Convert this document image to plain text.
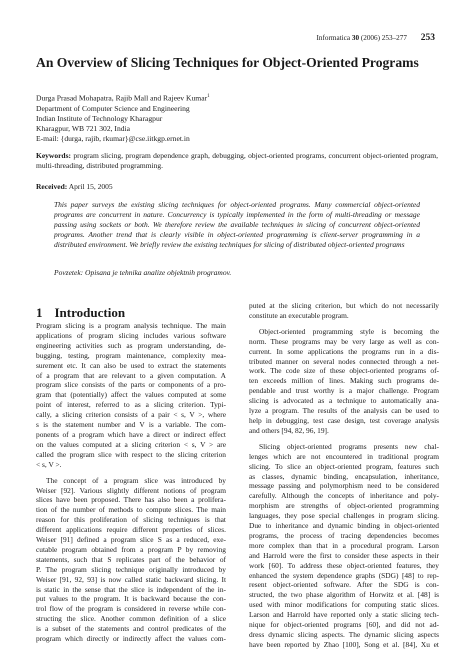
Informatica 30 (2006) 253–277 253
An Overview of Slicing Techniques for Object-Oriented Programs
Durga Prasad Mohapatra, Rajib Mall and Rajeev Kumar$^1$
Department of Computer Science and Engineering
Indian Institute of Technology Kharagpur
Kharagpur, WB 721 302, India
E-mail: {durga, rajib, rkumar}@cse.iitkgp.ernet.in
Keywords: program slicing, program dependence graph, debugging, object-oriented programs, concurrent object-oriented program, multi-threading, distributed programming.
Received: April 15, 2005
This paper surveys the existing slicing techniques for object-oriented programs. Many commercial object-oriented programs are concurrent in nature. Concurrency is typically implemented in the form of multi-threading or message passing using sockets or both. We therefore review the available techniques in slicing of concurrent object-oriented programs. Another trend that is clearly visible in object-oriented programming is client-server programming in a distributed environment. We briefly review the existing techniques for slicing of distributed object-oriented programs
Povzetek: Opisana je tehnika analize objektnih programov.
1 Introduction
Program slicing is a program analysis technique. The main
applications of program slicing includes various software
engineering activities such as program understanding, de-
bugging, testing, program maintenance, complexity mea-
surement etc. It can also be used to extract the statements
of a program that are relevant to a given computation. A
program slice consists of the parts or components of a pro-
gram that (potentially) affect the values computed at some
point of interest, referred to as a slicing criterion. Typi-
cally, a slicing criterion consists of a pair < s, V >, where
s is the statement number and V is a variable. The com-
ponents of a program which have a direct or indirect effect
on the values computed at a slicing criterion < s, V > are
called the program slice with respect to the slicing criterion
< s, V >.
The concept of a program slice was introduced by
Weiser [92]. Various slightly different notions of program
slices have been proposed. There has also been a prolifera-
tion of the number of methods to compute slices. The main
reason for this proliferation of slicing techniques is that
different applications require different properties of slices.
Weiser [91] defined a program slice S as a reduced, exe-
cutable program obtained from a program P by removing
statements, such that S replicates part of the behavior of
P. The program slicing technique originally introduced by
Weiser [91, 92, 93] is now called static backward slicing. It
is static in the sense that the slice is independent of the in-
put values to the program. It is backward because the con-
trol flow of the program is considered in reverse while con-
structing the slice. Another common definition of a slice
is a subset of the statements and control predicates of the
program which directly or indirectly affect the values com-
puted at the slicing criterion, but which do not necessarily
constitute an executable program.
Object-oriented programming style is becoming the
norm. These programs may be very large as well as con-
current. In some applications the programs run in a dis-
tributed manner on several nodes connected through a net-
work. The code size of these object-oriented programs of-
ten exceeds million of lines. Making such programs de-
pendable and trust worthy is a major challenge. Program
slicing is advocated as a technique to automatically ana-
lyze a program. The results of the analysis can be used to
help in debugging, test case design, test coverage analysis
and others [94, 82, 96, 19].
Slicing object-oriented programs presents new chal-
lenges which are not encountered in traditional program
slicing. To slice an object-oriented program, features such
as classes, dynamic binding, encapsulation, inheritance,
message passing and polymorphism need to be considered
carefully. Although the concepts of inheritance and poly-
morphism are strengths of object-oriented programming
languages, they pose special challenges in program slicing.
Due to inheritance and dynamic binding in object-oriented
programs, the process of tracing dependencies becomes
more complex than that in a procedural program. Larson
and Harrold were the first to consider these aspects in their
work [60]. To address these object-oriented features, they
enhanced the system dependence graphs (SDG) [48] to rep-
resent object-oriented software. After the SDG is con-
structed, the two phase algorithm of Horwitz et al. [48] is
used with minor modifications for computing static slices.
Larson and Harrold have reported only a static slicing tech-
nique for object-oriented programs [60], and did not ad-
dress dynamic slicing aspects. The dynamic slicing aspects
have been reported by Zhao [100], Song et al. [84], Xu et
